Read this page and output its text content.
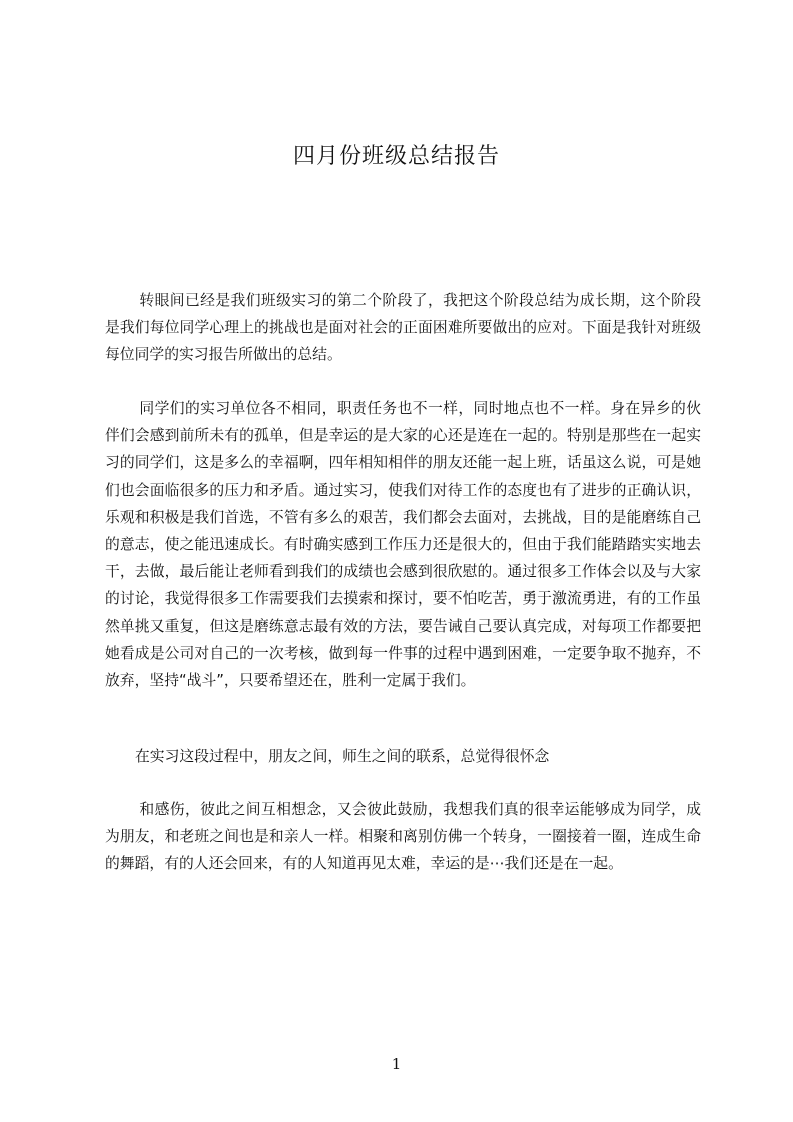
四月份班级总结报告
转眼间已经是我们班级实习的第二个阶段了，我把这个阶段总结为成长期，这个阶段是我们每位同学心理上的挑战也是面对社会的正面困难所要做出的应对。下面是我针对班级每位同学的实习报告所做出的总结。
同学们的实习单位各不相同，职责任务也不一样，同时地点也不一样。身在异乡的伙伴们会感到前所未有的孤单，但是幸运的是大家的心还是连在一起的。特别是那些在一起实习的同学们，这是多么的幸福啊，四年相知相伴的朋友还能一起上班，话虽这么说，可是她们也会面临很多的压力和矛盾。通过实习，使我们对待工作的态度也有了进步的正确认识，乐观和积极是我们首选，不管有多么的艰苦，我们都会去面对，去挑战，目的是能磨练自己的意志，使之能迅速成长。有时确实感到工作压力还是很大的，但由于我们能踏踏实实地去干，去做，最后能让老师看到我们的成绩也会感到很欣慰的。通过很多工作体会以及与大家的讨论，我觉得很多工作需要我们去摸索和探讨，要不怕吃苦，勇于激流勇进，有的工作虽然单挑又重复，但这是磨练意志最有效的方法，要告诫自己要认真完成，对每项工作都要把她看成是公司对自己的一次考核，做到每一件事的过程中遇到困难，一定要争取不抛弃，不放弃，坚持“战斗”，只要希望还在，胜利一定属于我们。
在实习这段过程中，朋友之间，师生之间的联系，总觉得很怀念
和感伤，彼此之间互相想念，又会彼此鼓励，我想我们真的很幸运能够成为同学，成为朋友，和老班之间也是和亲人一样。相聚和离别仿佛一个转身，一圈接着一圈，连成生命的舞蹈，有的人还会回来，有的人知道再见太难，幸运的是⋯我们还是在一起。
1
